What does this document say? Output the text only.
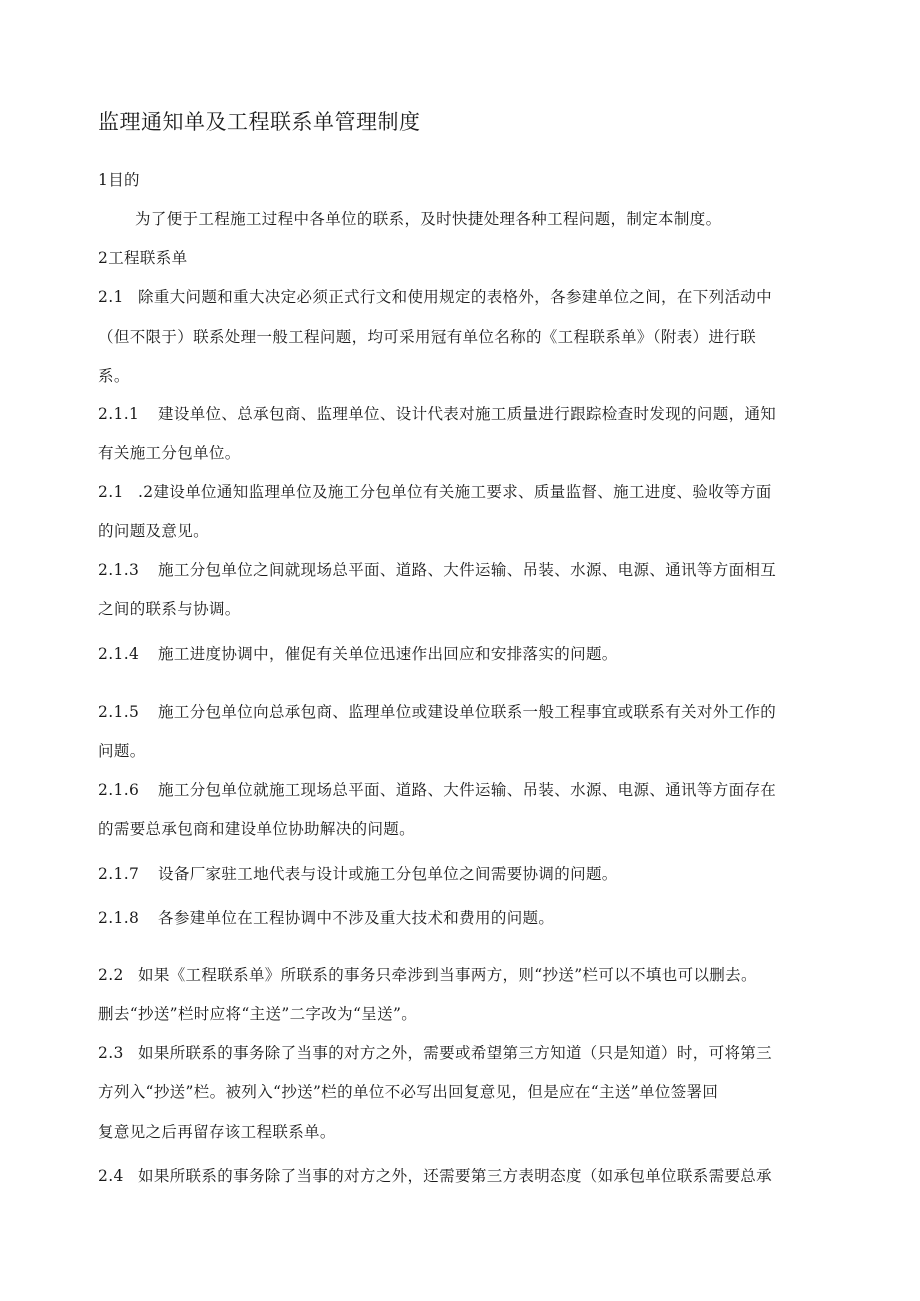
监理通知单及工程联系单管理制度
1目的
为了便于工程施工过程中各单位的联系，及时快捷处理各种工程问题，制定本制度。
2工程联系单
2.1 除重大问题和重大决定必须正式行文和使用规定的表格外，各参建单位之间，在下列活动中
（但不限于）联系处理一般工程问题，均可采用冠有单位名称的《工程联系单》（附表）进行联
系。
2.1.1 建设单位、总承包商、监理单位、设计代表对施工质量进行跟踪检查时发现的问题，通知
有关施工分包单位。
2.1 .2建设单位通知监理单位及施工分包单位有关施工要求、质量监督、施工进度、验收等方面
的问题及意见。
2.1.3 施工分包单位之间就现场总平面、道路、大件运输、吊装、水源、电源、通讯等方面相互
之间的联系与协调。
2.1.4 施工进度协调中，催促有关单位迅速作出回应和安排落实的问题。
2.1.5 施工分包单位向总承包商、监理单位或建设单位联系一般工程事宜或联系有关对外工作的
问题。
2.1.6 施工分包单位就施工现场总平面、道路、大件运输、吊装、水源、电源、通讯等方面存在
的需要总承包商和建设单位协助解决的问题。
2.1.7 设备厂家驻工地代表与设计或施工分包单位之间需要协调的问题。
2.1.8 各参建单位在工程协调中不涉及重大技术和费用的问题。
2.2 如果《工程联系单》所联系的事务只牵涉到当事两方，则“抄送”栏可以不填也可以删去。
删去“抄送”栏时应将“主送”二字改为“呈送”。
2.3 如果所联系的事务除了当事的对方之外，需要或希望第三方知道（只是知道）时，可将第三
方列入“抄送”栏。被列入“抄送”栏的单位不必写出回复意见，但是应在“主送”单位签署回
复意见之后再留存该工程联系单。
2.4 如果所联系的事务除了当事的对方之外，还需要第三方表明态度（如承包单位联系需要总承
